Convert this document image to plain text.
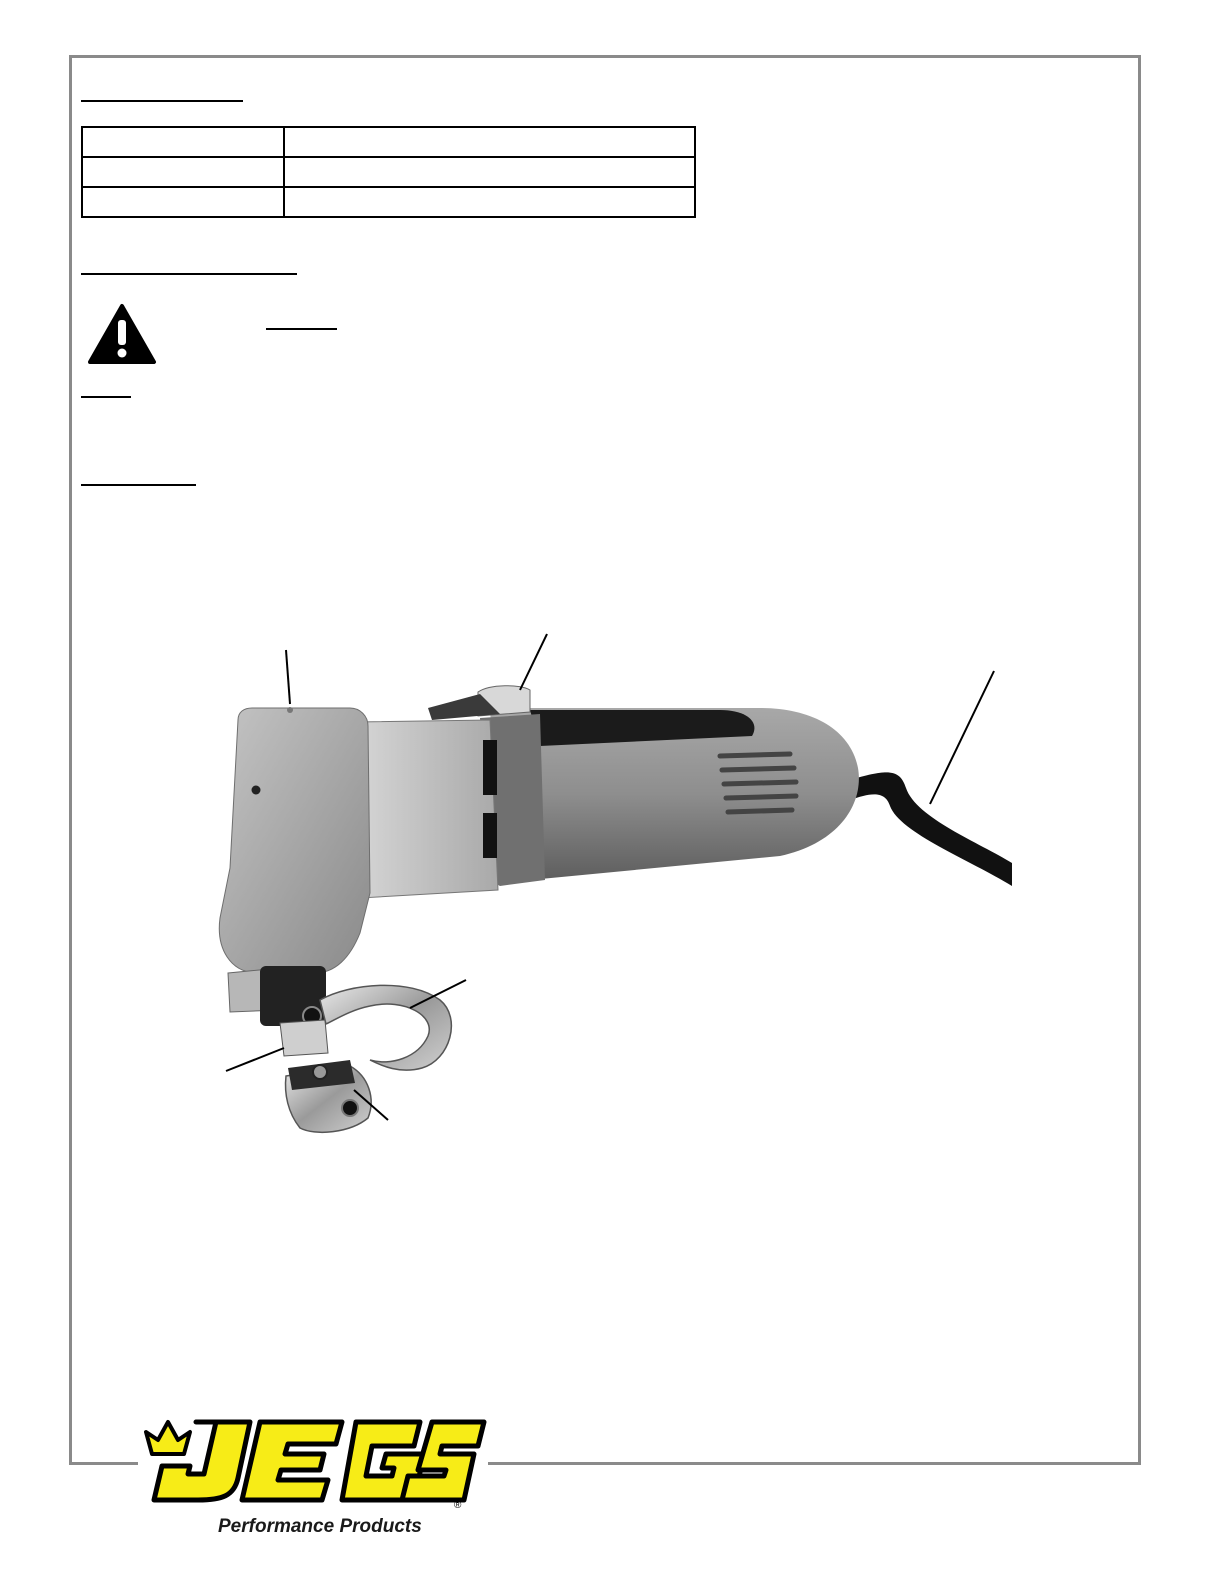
®
Performance Products
